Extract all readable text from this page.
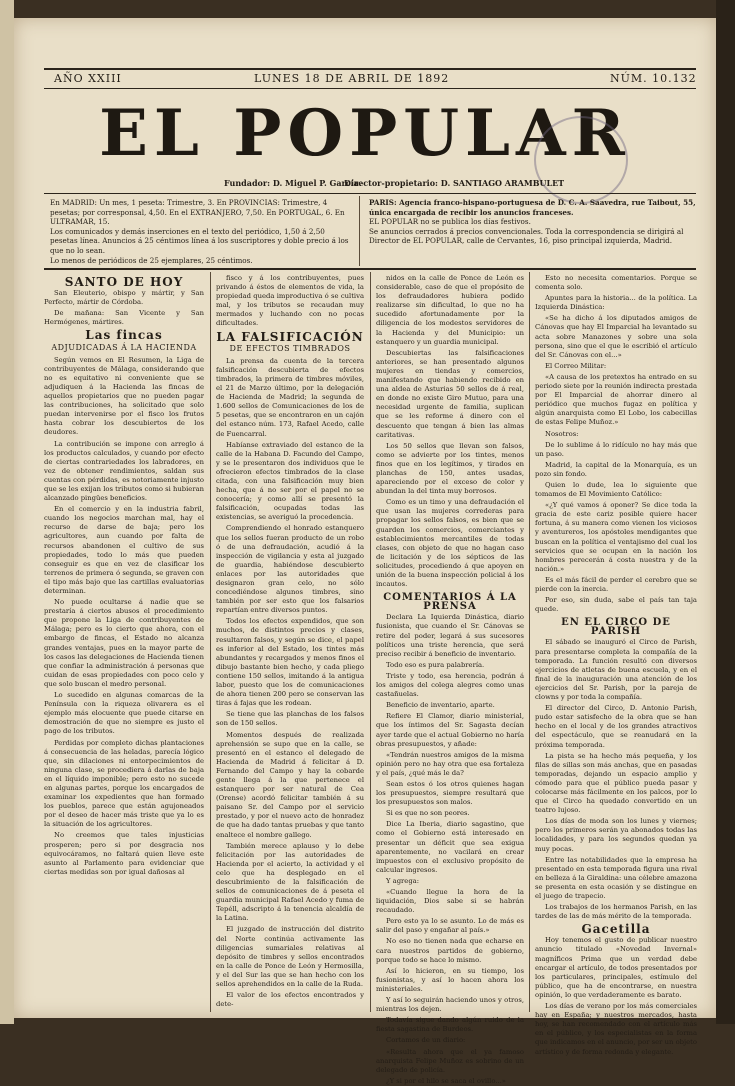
AÑO XXIII	LUNES 18 DE ABRIL DE 1892	NÚM. 10.132
EL POPULAR
Fundador: D. Miguel P. García.
Director-propietario: D. SANTIAGO ARAMBULET
En MADRID: Un mes, 1 peseta: Trimestre, 3. En PROVINCIAS: Trimestre, 4 pesetas; por corresponsal, 4,50. En el EXTRANJERO, 7,50. En PORTUGAL, 6. En ULTRAMAR, 15.
Los comunicados y demás inserciones en el texto del periódico, 1,50 á 2,50 pesetas línea. Anuncios á 25 céntimos línea á los suscriptores y doble precio á los que no lo sean.
Lo menos de periódicos de 25 ejemplares, 25 céntimos.
PARIS: Agencia franco-hispano-portuguesa de D. C. A. Saavedra, rue Taibout, 55, única encargada de recibir los anuncios franceses.
EL POPULAR no se publica los días festivos.
Se anuncios cerrados á precios convencionales. Toda la correspondencia se dirigirá al Director de EL POPULAR, calle de Cervantes, 16, piso principal izquierda, Madrid.
SANTO DE HOY

San Eleuterio, obispo y mártir, y San Perfecto, mártir de Córdoba.

De mañana: San Vicente y San Hermógenes, mártires.

Las fincas
ADJUDICADAS Á LA HACIENDA

Según vemos en El Resumen, la Liga de contribuyentes de Málaga, considerando que no es equitativo ni conveniente que se adjudiquen á la Hacienda las fincas de aquellos propietarios que no pueden pagar las contribuciones, ha solicitado que solo puedan intervenirse por el fisco los frutos hasta cobrar los descubiertos de los deudores.

La contribución se impone con arreglo á los productos calculados, y cuando por efecto de ciertas contrariedades los labradores, en vez de obtener rendimientos, saldan sus cuentas con pérdidas, es notoriamente injusto que se les exijan los tributos como si hubieran alcanzado pingües beneficios.

En el comercio y en la industria fabril, cuando los negocios marchan mal, hay el recurso de darse de baja; pero los agricultores, aun cuando por falta de recursos abandonen el cultivo de sus propiedades, todo lo más que pueden conseguir es que en vez de clasificar los terrenos de primera ó segunda, se graven con el tipo más bajo que las cartillas evaluatorias determinan.

No puede ocultarse á nadie que se prestaría á ciertos abusos el procedimiento que propone la Liga de contribuyentes de Málaga; pero es lo cierto que ahora, con el embargo de fincas, el Estado no alcanza grandes ventajas, pues en la mayor parte de los casos las delegaciones de Hacienda tienen que confiar la administración á personas que cuidan de esas propiedades con poco celo y que solo buscan el medro personal.

Lo sucedido en algunas comarcas de la Península con la riqueza olivarera es el ejemplo más elocuente que puede citarse en demostración de que no siempre es justo el pago de los tributos.

Perdidas por completo dichas plantaciones á consecuencia de las heladas, parecía lógico que, sin dilaciones ni entorpecimientos de ninguna clase, se procediera á darlas de baja en el líquido imponible; pero esto no sucede en algunas partes, porque los encargados de examinar los expedientes que han formado los pueblos, parece que están agujoneados por el deseo de hacer más triste que ya lo es la situación de los agricultores.

No creemos que tales injusticias prosperen; pero si por desgracia nos equivocáramos, no faltará quien lleve este asunto al Parlamento para evidenciar que ciertas medidas son por igual dañosas al

fisco y á los contribuyentes, pues privando á éstos de elementos de vida, la propiedad queda improductiva ó se cultiva mal, y los tributos se recaudan muy mermados y luchando con no pocas dificultades.

LA FALSIFICACIÓN
DE EFECTOS TIMBRADOS

La prensa da cuenta de la tercera falsificación descubierta de efectos timbrados, la primera de timbres móviles, el 21 de Marzo último, por la delegación de Hacienda de Madrid; la segunda de 1.600 sellos de Comunicaciones de los de 5 pesetas, que se encontraron en un cajón del estanco núm. 173, Rafael Acedo, calle de Fuencarral.

Habíanse extraviado del estanco de la calle de la Habana D. Facundo del Campo, y se le presentaron dos individuos que le ofrecieron efectos timbrados de la clase citada, con una falsificación muy bien hecha, que á no ser por el papel no se conocería; y como allí se presentó la falsificación, ocupadas todas las existencias, se averiguó la procedencia.

Comprendiendo el honrado estanquero que los sellos fueran producto de un robo ó de una defraudación, acudió á la inspección de vigilancia y esta al juzgado de guardia, habiéndose descubierto enlaces por las autoridades que designaron gran celo, no sólo concediéndose algunos timbres, sino también por ser esto que los falsarios repartían entre diversos puntos.

Todos los efectos expendidos, que son muchos, de distintos precios y clases, resultaron falsos, y según se dice, el papel es inferior al del Estado, los tintes más abundantes y recargados y menos finos el dibujo bastante bien hecho, y cada pliego contiene 150 sellos, imitando á la antigua labor, puesto que los de comunicaciones de ahora tienen 200 pero se conservan las tiras á fajas que les rodean.

Se tiene que las planchas de los falsos son de 150 sellos.

Momentos después de realizada aprehensión se supo que en la calle, se presentó en el estanco el delegado de Hacienda de Madrid á felicitar á D. Fernando del Campo y hay la cobarde gente llega á la que pertenece el estanquero por ser natural de Cea (Orense) acordó felicitar también á su paisano Sr. del Campo por el servicio prestado, y por el nuevo acto de honradez de que ha dado tantas pruebas y que tanto enaltece el nombre gallego.

También merece aplauso y lo debe felicitación por las autoridades de Hacienda por el acierto, la actividad y el celo que ha desplegado en el descubrimiento de la falsificación de sellos de comunicaciones de á peseta el guardia municipal Rafael Acedo y fuma de Tepéll, adscripto á la tenencia alcaldía de la Latina.

El juzgado de instrucción del distrito del Norte continúa activamente las diligencias sumariales relativas al depósito de timbres y sellos encontrados en la calle de Ponce de León y Hermosilla, y el del Sur las que se han hecho con los sellos aprehendidos en la calle de la Ruda.

El valor de los efectos encontrados y dete-

nidos en la calle de Ponce de León es considerable, caso de que el propósito de los defraudadores hubiera podido realizarse sin dificultad, lo que no ha sucedido afortunadamente por la diligencia de los modestos servidores de la Hacienda y del Municipio: un estanquero y un guardia municipal.

Descubiertas las falsificaciones anteriores, se han presentado algunos mujeres en tiendas y comercios, manifestando que habiendo recibido en una aldea de Asturias 50 sellos de á real, en donde no existe Giro Mutuo, para una necesidad urgente de familia, suplican que se les reforme á dinero con el descuento que tengan á bien las almas caritativas.

Los 50 sellos que llevan son falsos, como se advierte por los tintes, menos finos que en los legítimos, y tirados en planchas de 150, antes usadas, apareciendo por el exceso de color y abundan la del tinta muy borrosos.

Como es un timo y una defraudación el que usan las mujeres correderas para propagar los sellos falsos, es bien que se guarden los comercios, comerciantes y establecimientos mercantiles de todas clases, con objeto de que no hagan caso de licitación y de los sépticos de las solicitudes, procediendo á que apoyen en unión de la buena inspección policial á los incautos.

COMENTARIOS Á LA PRENSA

Declara La Iquierda Dinástica, diario fusionista, que cuando el Sr. Cánovas se retire del poder, legará á sus sucesores políticos una triste herencia, que será preciso recibir á beneficio de inventario.

Todo eso es pura palabrería.

Triste y todo, esa herencia, podrán á los amigos del colega alegres como unas castañuelas.

Beneficio de inventario, aparte.

Refiere El Clamor, diario ministerial, que los íntimos del Sr. Sagasta decían ayer tarde que el actual Gobierno no haría obras presupuestos, y añade:

«Tendrán nuestros amigos de la misma opinión pero no hay otra que esa fortaleza y el país, ¿qué más le da?

Sean estos ó los otros quienes hagan los presupuestos, siempre resultará que los presupuestos son malos.

Si es que no son peores.

Dice La Iberia, diario sagastino, que como el Gobierno está interesado en presentar un déficit que sea exigua aparentemente, no vacilará en crear impuestos con el exclusivo propósito de calcular ingresos.

Y agrega:

«Cuando llegue la hora de la liquidación, Dios sabe si se habrán recaudado.

Pero esto ya lo se asunto. Lo de más es salir del paso y engañar al país.»

No eso no tienen nada que echarse en cara nuestros partidos de gobierno, porque todo se hace lo mismo.

Así lo hicieron, en su tiempo, los fusionistas, y así lo hacen ahora los ministeriales.

Y así lo seguirán haciendo unos y otros, mientras los dejen.

Todavía sigue dando algún ruido de la fiesta sagastina de Burdeos.

Cortamos de un diario:

«Resulta ahora que el ya famoso anarquista Felipe Muñoz es sobrino de un delegado de policía.

¿Y si por el hilo se saca el ovillo...»

Esto no necesita comentarios. Porque se comenta solo.

Apuntes para la historia... de la política. La Izquierda Dinástica:

«Se ha dicho á los diputados amigos de Cánovas que hay El Imparcial ha levantado su acta sobre Manazones y sobre una sola persona, sino que el que le escribió el artículo del Sr. Cánovas con el...»

El Correo Militar:

«A causa de los pretextos ha entrado en su periodo siete por la reunión indirecta prestada por El Imparcial de ahorrar dinero al periódico que muchos fugaz en política y algún anarquista como El Lobo, los cabecillas de estas Felipe Muñoz.»

Nosotros:

De lo sublime á lo ridículo no hay más que un paso.

Madrid, la capital de la Monarquía, es un pozo sin fondo.

Quien lo dude, lea lo siguiente que tomamos de El Movimiento Católico:

«¿Y qué vamos á oponer? Se dice toda la gracia de este cariz posible quiere hacer fortuna, á su manera como vienen los viciosos y aventureros, los apóstoles mendigantes que buscan en la política el ventajismo del cual los servicios que se ocupan en la nación los hombres perecerán á costa nuestra y de la nación.»

Es el más fácil de perder el cerebro que se pierde con la inercia.

Por eso, sin duda, sabe el país tan taja quede.

EN EL CIRCO DE PARISH

El sábado se inauguró el Circo de Parish, para presentarse completa la compañía de la temporada. La función resultó con diversos ejercicios de atletas de buena escuela, y en el final de la inauguración una atención de los ejercicios del Sr. Parish, por la pareja de clowns y por toda la compañía.

El director del Circo, D. Antonio Parish, pudo estar satisfecho de la obra que se han hecho en el local y de los grandes atractivos del espectáculo, que se reanudará en la próxima temporada.

La pista se ha hecho más pequeña, y los filas de sillas son más anchas, que en pasadas temporadas, dejando un espacio amplio y cómodo para que el público pueda pasar y colocarse más fácilmente en los palcos, por lo que el Circo ha quedado convertido en un teatro lujoso.

Los días de moda son los lunes y viernes; pero los primeros serán ya abonados todas las localidades, y para los segundos quedan ya muy pocas.

Entre las notabilidades que la empresa ha presentado en esta temporada figura una rival en belleza á la Giraldina: una célebre amazona se presenta en esta ocasión y se distingue en el juego de trapecio.

Los trabajos de los hermanos Parish, en las tardes de las de más mérito de la temporada.

Gacetilla

Hoy tenemos el gusto de publicar nuestro anuncio titulado «Novedad Invernal» magníficos Prima que un verdad debe encargar el artículo, de todos presentados por los particulares, principales, estímulo del público, que ha de encontrarse, en nuestra opinión, lo que verdaderamente es barato.

Los días de verano por los más comerciales hay en España; y nuestros mercados, hasta hoy, se han recomendado con el artículo más en el público, y los especialistas en la forma que indicamos en el anuncio, por ser un objeto artístico y de forma redonda y elegante.
